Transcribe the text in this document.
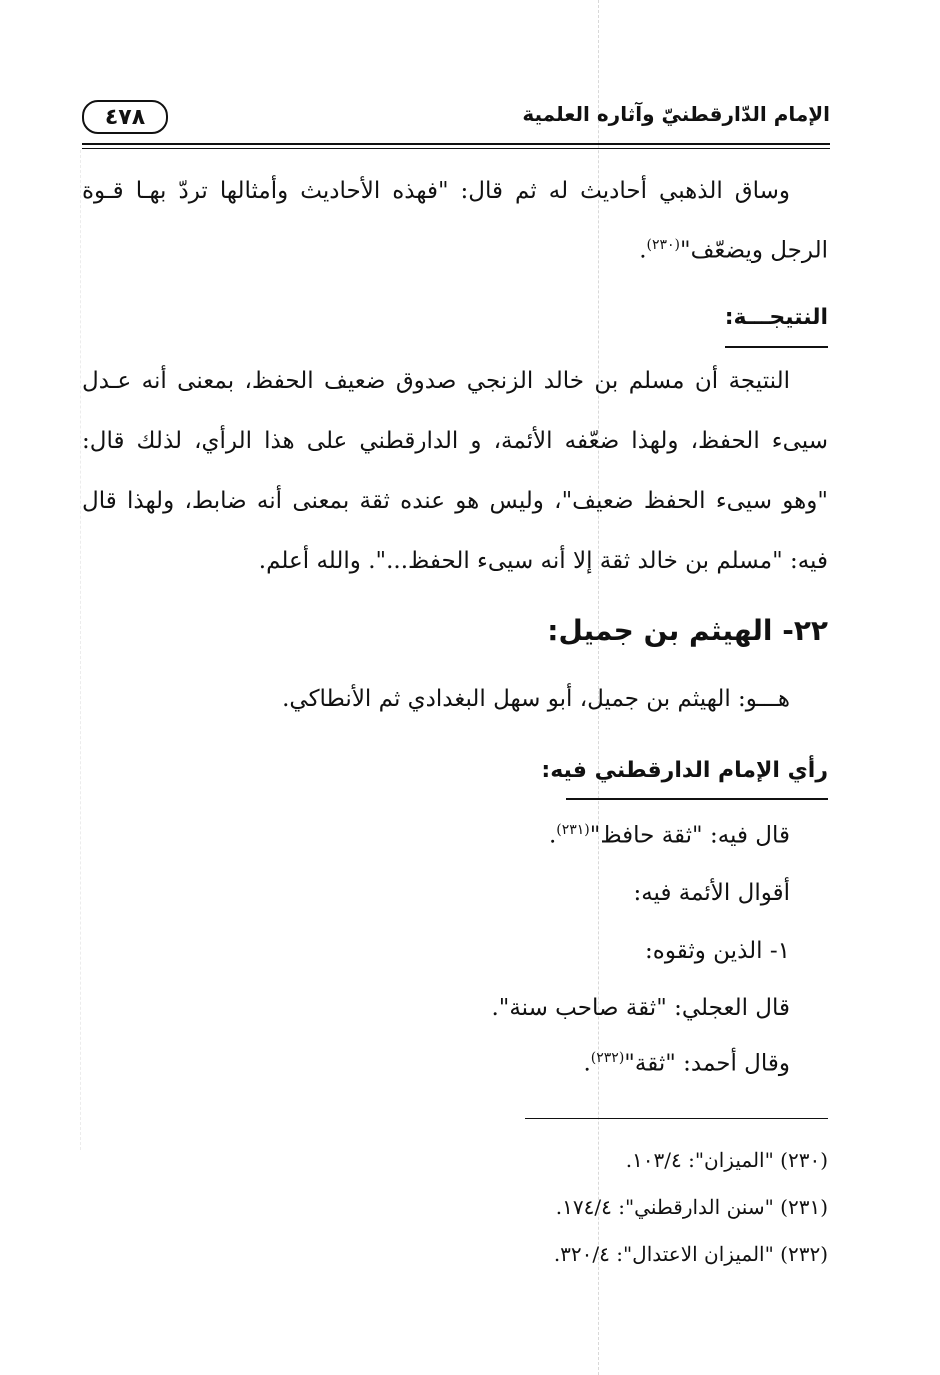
٤٧٨	الإمام الدّارقطنيّ وآثاره العلمية
وساق الذهبي أحاديث له ثم قال: "فهذه الأحاديث وأمثالها تردّ بهـا قـوة
الرجل ويضعّف"$^{(٢٣٠)}$.
النتيجـــة:
النتيجة أن مسلم بن خالد الزنجي صدوق ضعيف الحفظ، بمعنى أنه عـدل
سيىء الحفظ، ولهذا ضعّفه الأئمة، و الدارقطني على هذا الرأي، لذلك قال:
"وهو سيىء الحفظ ضعيف"، وليس هو عنده ثقة بمعنى أنه ضابط، ولهذا قال
فيه: "مسلم بن خالد ثقة إلا أنه سيىء الحفظ...". والله أعلم.
٢٢- الهيثم بن جميل:
هـــو: الهيثم بن جميل، أبو سهل البغدادي ثم الأنطاكي.
رأي الإمام الدارقطني فيه:
قال فيه: "ثقة حافظ"$^{(٢٣١)}$.
أقوال الأئمة فيه:
١- الذين وثقوه:
قال العجلي: "ثقة صاحب سنة".
وقال أحمد: "ثقة"$^{(٢٣٢)}$.
(٢٣٠) "الميزان": ١٠٣/٤.
(٢٣١) "سنن الدارقطني": ١٧٤/٤.
(٢٣٢) "الميزان الاعتدال": ٣٢٠/٤.
